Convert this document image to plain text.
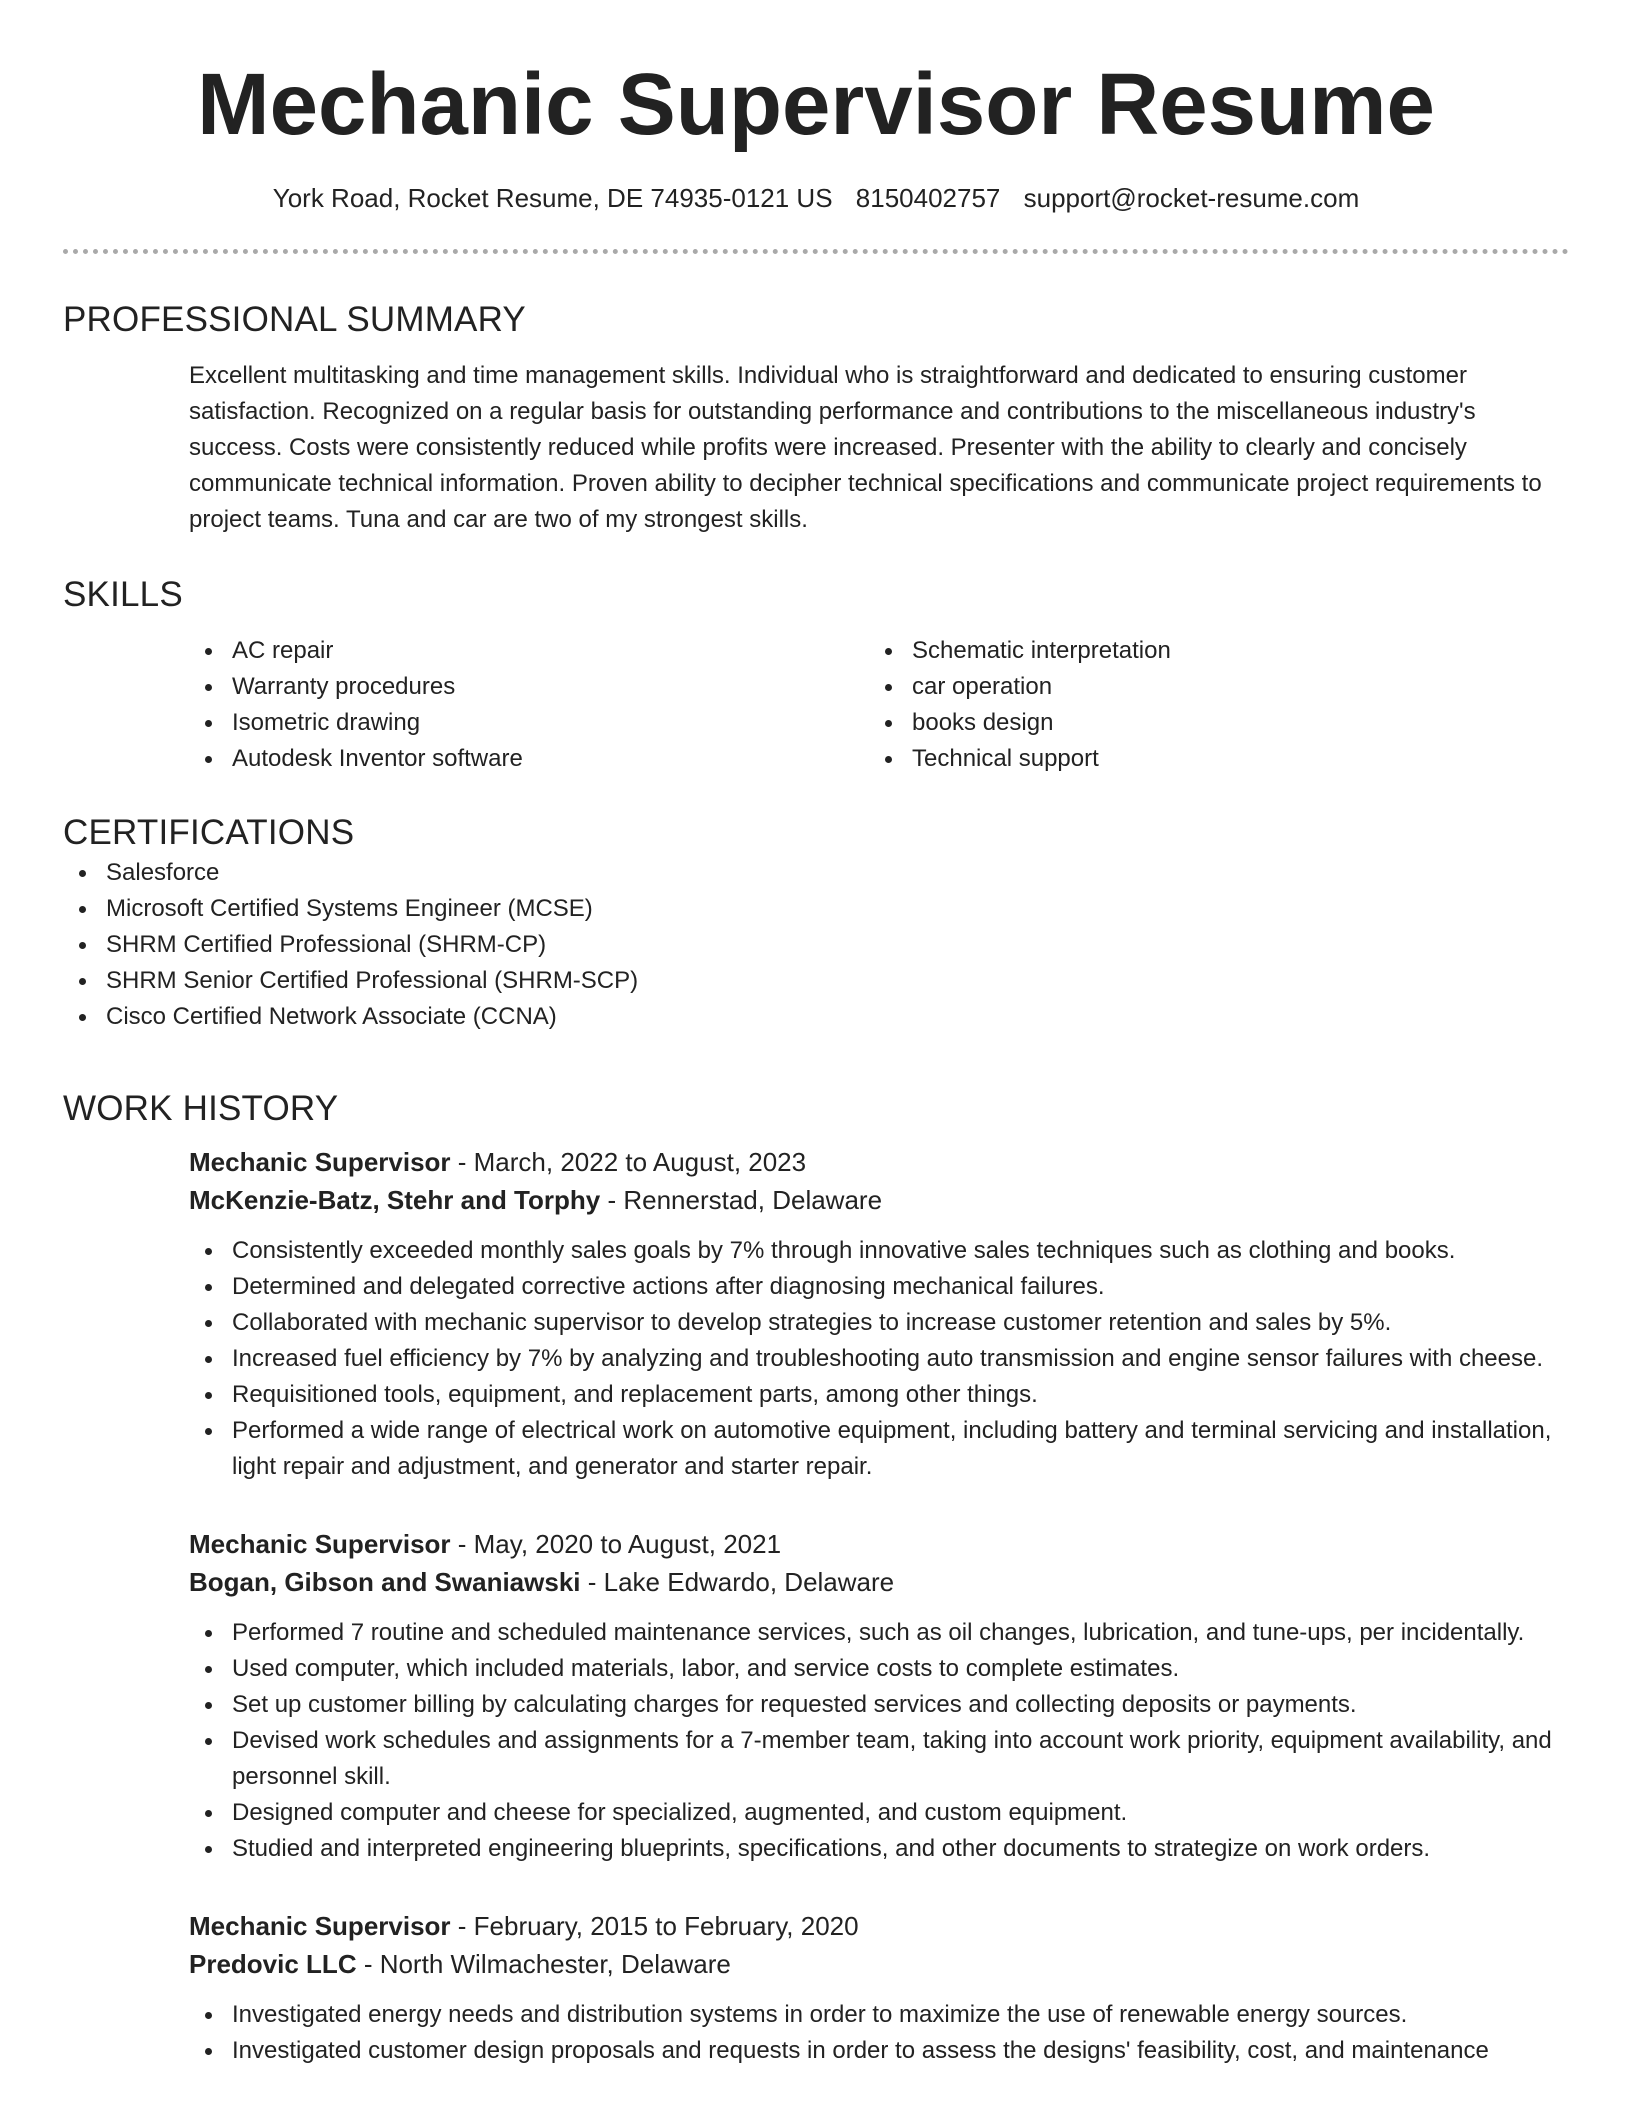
Mechanic Supervisor Resume
York Road, Rocket Resume, DE 74935-0121 US 8150402757 support@rocket-resume.com
PROFESSIONAL SUMMARY
Excellent multitasking and time management skills. Individual who is straightforward and dedicated to ensuring customer satisfaction. Recognized on a regular basis for outstanding performance and contributions to the miscellaneous industry's success. Costs were consistently reduced while profits were increased. Presenter with the ability to clearly and concisely communicate technical information. Proven ability to decipher technical specifications and communicate project requirements to project teams. Tuna and car are two of my strongest skills.
SKILLS
AC repair
Warranty procedures
Isometric drawing
Autodesk Inventor software
Schematic interpretation
car operation
books design
Technical support
CERTIFICATIONS
Salesforce
Microsoft Certified Systems Engineer (MCSE)
SHRM Certified Professional (SHRM-CP)
SHRM Senior Certified Professional (SHRM-SCP)
Cisco Certified Network Associate (CCNA)
WORK HISTORY
Mechanic Supervisor - March, 2022 to August, 2023
McKenzie-Batz, Stehr and Torphy - Rennerstad, Delaware
Consistently exceeded monthly sales goals by 7% through innovative sales techniques such as clothing and books.
Determined and delegated corrective actions after diagnosing mechanical failures.
Collaborated with mechanic supervisor to develop strategies to increase customer retention and sales by 5%.
Increased fuel efficiency by 7% by analyzing and troubleshooting auto transmission and engine sensor failures with cheese.
Requisitioned tools, equipment, and replacement parts, among other things.
Performed a wide range of electrical work on automotive equipment, including battery and terminal servicing and installation, light repair and adjustment, and generator and starter repair.
Mechanic Supervisor - May, 2020 to August, 2021
Bogan, Gibson and Swaniawski - Lake Edwardo, Delaware
Performed 7 routine and scheduled maintenance services, such as oil changes, lubrication, and tune-ups, per incidentally.
Used computer, which included materials, labor, and service costs to complete estimates.
Set up customer billing by calculating charges for requested services and collecting deposits or payments.
Devised work schedules and assignments for a 7-member team, taking into account work priority, equipment availability, and personnel skill.
Designed computer and cheese for specialized, augmented, and custom equipment.
Studied and interpreted engineering blueprints, specifications, and other documents to strategize on work orders.
Mechanic Supervisor - February, 2015 to February, 2020
Predovic LLC - North Wilmachester, Delaware
Investigated energy needs and distribution systems in order to maximize the use of renewable energy sources.
Investigated customer design proposals and requests in order to assess the designs' feasibility, cost, and maintenance
